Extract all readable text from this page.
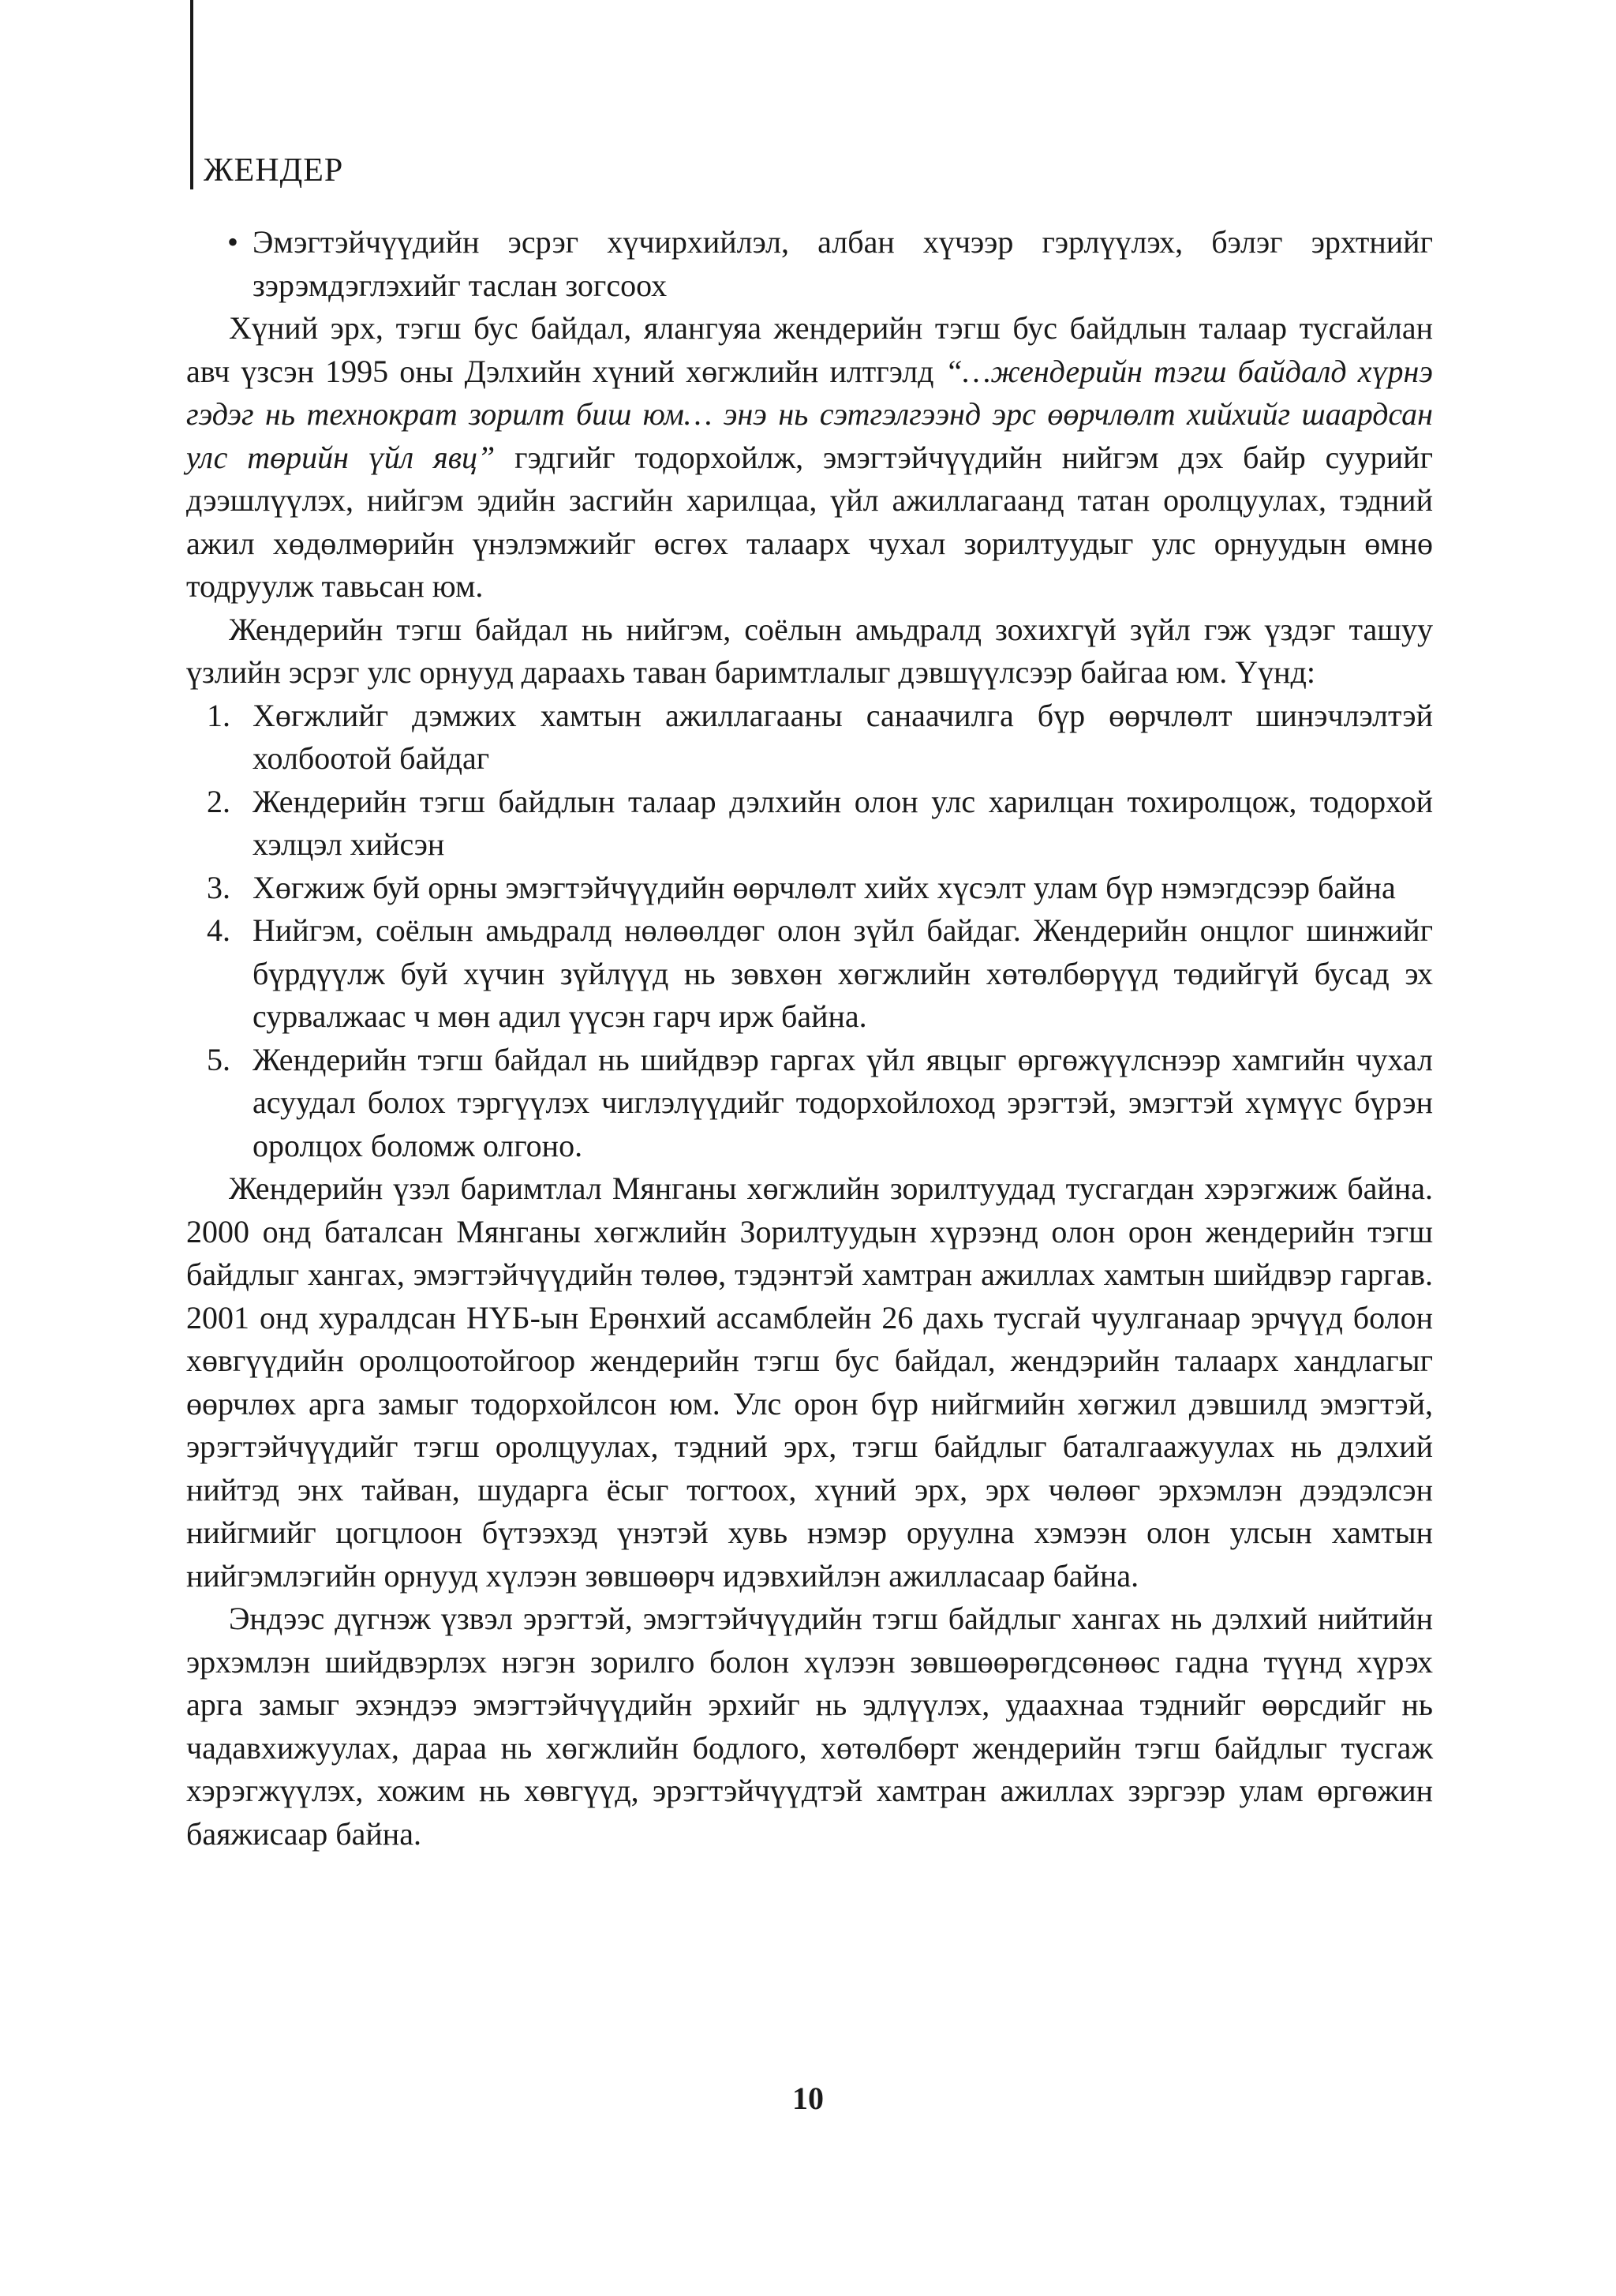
ЖЕНДЕР

• Эмэгтэйчүүдийн эсрэг хүчирхийлэл, албан хүчээр гэрлүүлэх, бэлэг эрхтнийг зэрэмдэглэхийг таслан зогсоох

Хүний эрх, тэгш бус байдал, ялангуяа жендерийн тэгш бус байдлын талаар тусгайлан авч үзсэн 1995 оны Дэлхийн хүний хөгжлийн илтгэлд “…жендерийн тэгш байдалд хүрнэ гэдэг нь технократ зорилт биш юм… энэ нь сэтгэлгээнд эрс өөрчлөлт хийхийг шаардсан улс төрийн үйл явц” гэдгийг тодорхойлж, эмэгтэйчүүдийн нийгэм дэх байр суурийг дээшлүүлэх, нийгэм эдийн засгийн харилцаа, үйл ажиллагаанд татан оролцуулах, тэдний ажил хөдөлмөрийн үнэлэмжийг өсгөх талаарх чухал зорилтуудыг улс орнуудын өмнө тодруулж тавьсан юм.

Жендерийн тэгш байдал нь нийгэм, соёлын амьдралд зохихгүй зүйл гэж үздэг ташуу үзлийн эсрэг улс орнууд дараахь таван баримтлалыг дэвшүүлсээр байгаа юм. Үүнд:

1. Хөгжлийг дэмжих хамтын ажиллагааны санаачилга бүр өөрчлөлт шинэчлэлтэй холбоотой байдаг
2. Жендерийн тэгш байдлын талаар дэлхийн олон улс харилцан тохиролцож, тодорхой хэлцэл хийсэн
3. Хөгжиж буй орны эмэгтэйчүүдийн өөрчлөлт хийх хүсэлт улам бүр нэмэгдсээр байна
4. Нийгэм, соёлын амьдралд нөлөөлдөг олон зүйл байдаг. Жендерийн онцлог шинжийг бүрдүүлж буй хүчин зүйлүүд нь зөвхөн хөгжлийн хөтөлбөрүүд төдийгүй бусад эх сурвалжаас ч мөн адил үүсэн гарч ирж байна.
5. Жендерийн тэгш байдал нь шийдвэр гаргах үйл явцыг өргөжүүлснээр хамгийн чухал асуудал болох тэргүүлэх чиглэлүүдийг тодорхойлоход эрэгтэй, эмэгтэй хүмүүс бүрэн оролцох боломж олгоно.

Жендерийн үзэл баримтлал Мянганы хөгжлийн зорилтуудад тусгагдан хэрэгжиж байна. 2000 онд баталсан Мянганы хөгжлийн Зорилтуудын хүрээнд олон орон жендерийн тэгш байдлыг хангах, эмэгтэйчүүдийн төлөө, тэдэнтэй хамтран ажиллах хамтын шийдвэр гаргав. 2001 онд хуралдсан НҮБ-ын Ерөнхий ассамблейн 26 дахь тусгай чуулганаар эрчүүд болон хөвгүүдийн оролцоотойгоор жендерийн тэгш бус байдал, жендэрийн талаарх хандлагыг өөрчлөх арга замыг тодорхойлсон юм. Улс орон бүр нийгмийн хөгжил дэвшилд эмэгтэй, эрэгтэйчүүдийг тэгш оролцуулах, тэдний эрх, тэгш байдлыг баталгаажуулах нь дэлхий нийтэд энх тайван, шударга ёсыг тогтоох, хүний эрх, эрх чөлөөг эрхэмлэн дээдэлсэн нийгмийг цогцлоон бүтээхэд үнэтэй хувь нэмэр оруулна хэмээн олон улсын хамтын нийгэмлэгийн орнууд хүлээн зөвшөөрч идэвхийлэн ажилласаар байна.

Эндээс дүгнэж үзвэл эрэгтэй, эмэгтэйчүүдийн тэгш байдлыг хангах нь дэлхий нийтийн эрхэмлэн шийдвэрлэх нэгэн зорилго болон хүлээн зөвшөөрөгдсөнөөс гадна түүнд хүрэх арга замыг эхэндээ эмэгтэйчүүдийн эрхийг нь эдлүүлэх, удаахнаа тэднийг өөрсдийг нь чадавхижуулах, дараа нь хөгжлийн бодлого, хөтөлбөрт жендерийн тэгш байдлыг тусгаж хэрэгжүүлэх, хожим нь хөвгүүд, эрэгтэйчүүдтэй хамтран ажиллах зэргээр улам өргөжин баяжисаар байна.

10
